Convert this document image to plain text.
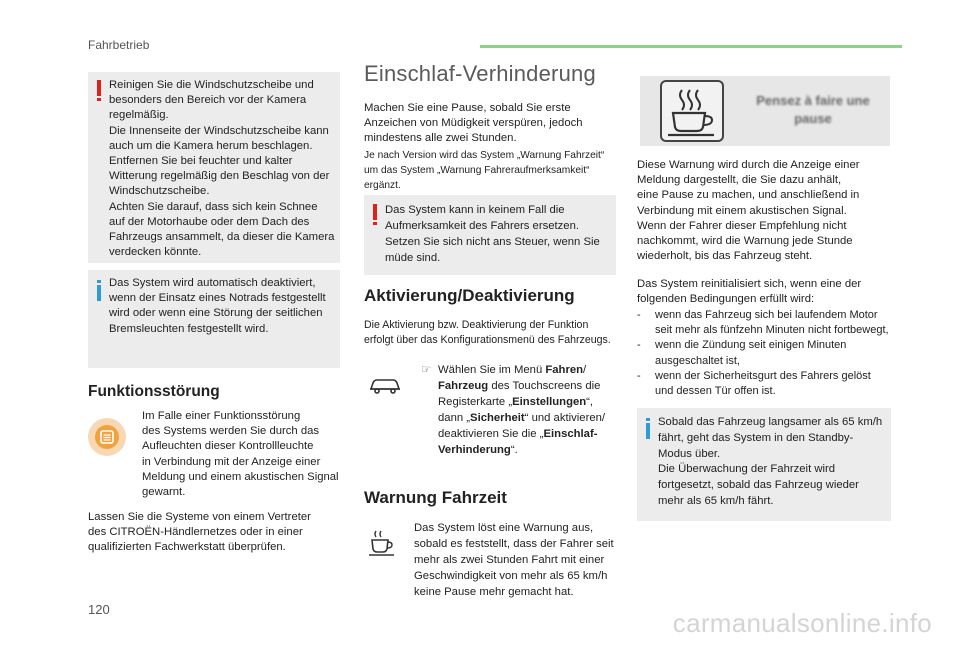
Fahrbetrieb

Reinigen Sie die Windschutzscheibe und
besonders den Bereich vor der Kamera
regelmäßig.
Die Innenseite der Windschutzscheibe kann
auch um die Kamera herum beschlagen.
Entfernen Sie bei feuchter und kalter
Witterung regelmäßig den Beschlag von der
Windschutzscheibe.
Achten Sie darauf, dass sich kein Schnee
auf der Motorhaube oder dem Dach des
Fahrzeugs ansammelt, da dieser die Kamera
verdecken könnte.

Das System wird automatisch deaktiviert,
wenn der Einsatz eines Notrads festgestellt
wird oder wenn eine Störung der seitlichen
Bremsleuchten festgestellt wird.

Funktionsstörung
Im Falle einer Funktionsstörung
des Systems werden Sie durch das
Aufleuchten dieser Kontrollleuchte
in Verbindung mit der Anzeige einer
Meldung und einem akustischen Signal
gewarnt.
Lassen Sie die Systeme von einem Vertreter
des CITROËN-Händlernetzes oder in einer
qualifizierten Fachwerkstatt überprüfen.
Einschlaf-Verhinderung
Machen Sie eine Pause, sobald Sie erste
Anzeichen von Müdigkeit verspüren, jedoch
mindestens alle zwei Stunden.
Je nach Version wird das System „Warnung Fahrzeit“
um das System „Warnung Fahreraufmerksamkeit“
ergänzt.

Das System kann in keinem Fall die
Aufmerksamkeit des Fahrers ersetzen.
Setzen Sie sich nicht ans Steuer, wenn Sie
müde sind.

Aktivierung/Deaktivierung
Die Aktivierung bzw. Deaktivierung der Funktion
erfolgt über das Konfigurationsmenü des Fahrzeugs.
☞ Wählen Sie im Menü Fahren/
Fahrzeug des Touchscreens die
Registerkarte „Einstellungen“,
dann „Sicherheit“ und aktivieren/
deaktivieren Sie die „Einschlaf-
Verhinderung“.
Warnung Fahrzeit
Das System löst eine Warnung aus,
sobald es feststellt, dass der Fahrer seit
mehr als zwei Stunden Fahrt mit einer
Geschwindigkeit von mehr als 65 km/h
keine Pause mehr gemacht hat.
Pensez à faire une
pause
Diese Warnung wird durch die Anzeige einer
Meldung dargestellt, die Sie dazu anhält,
eine Pause zu machen, und anschließend in
Verbindung mit einem akustischen Signal.
Wenn der Fahrer dieser Empfehlung nicht
nachkommt, wird die Warnung jede Stunde
wiederholt, bis das Fahrzeug steht.
Das System reinitialisiert sich, wenn eine der
folgenden Bedingungen erfüllt wird:
- wenn das Fahrzeug sich bei laufendem Motor
seit mehr als fünfzehn Minuten nicht fortbewegt,
- wenn die Zündung seit einigen Minuten
ausgeschaltet ist,
- wenn der Sicherheitsgurt des Fahrers gelöst
und dessen Tür offen ist.

Sobald das Fahrzeug langsamer als 65 km/h
fährt, geht das System in den Standby-
Modus über.
Die Überwachung der Fahrzeit wird
fortgesetzt, sobald das Fahrzeug wieder
mehr als 65 km/h fährt.

120	carmanualsonline.info
